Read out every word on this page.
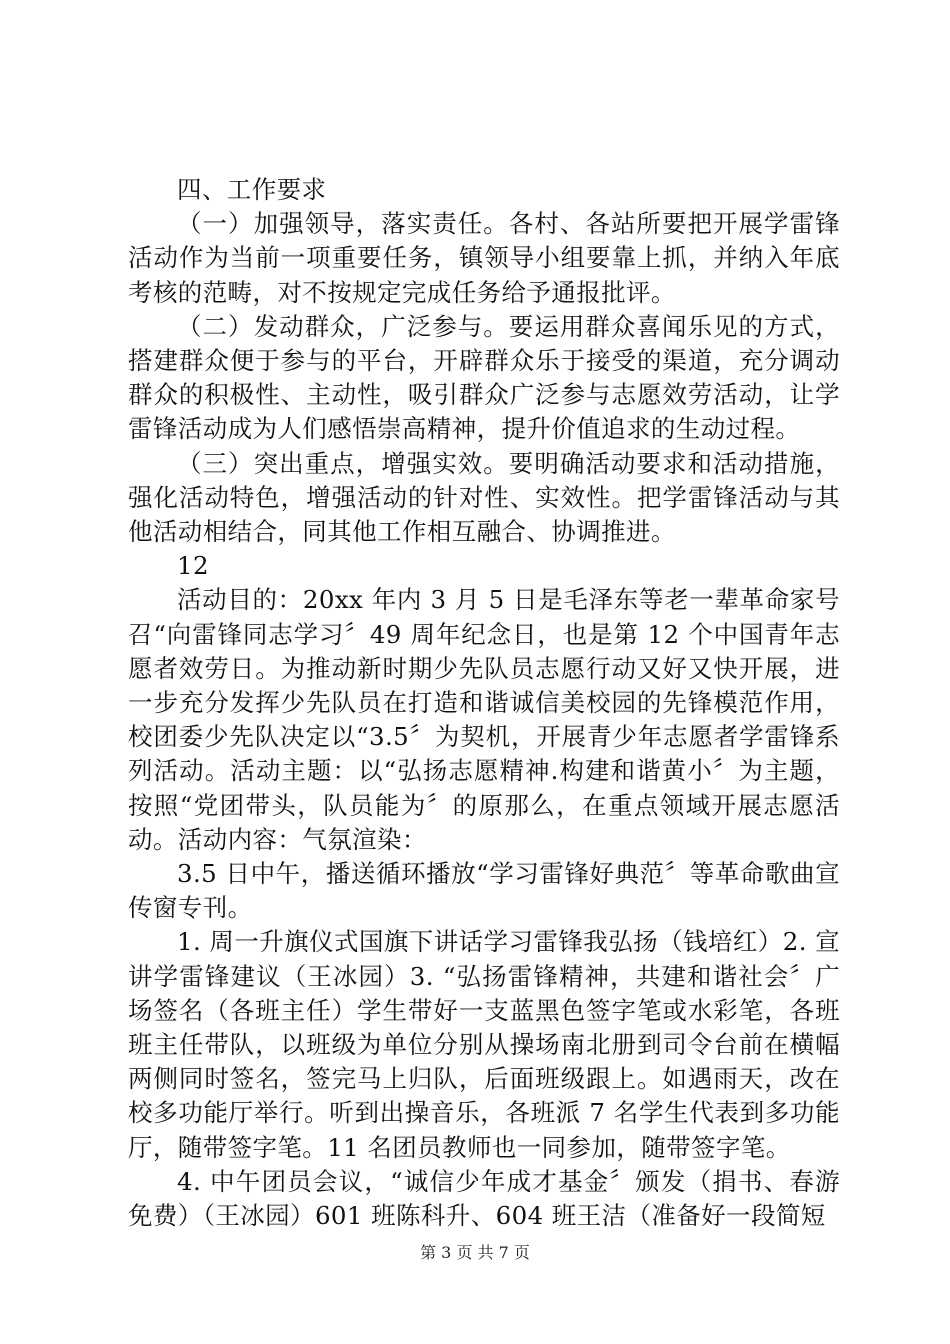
四、工作要求

（一）加强领导，落实责任。各村、各站所要把开展学雷锋活动作为当前一项重要任务，镇领导小组要靠上抓，并纳入年底考核的范畴，对不按规定完成任务给予通报批评。

（二）发动群众，广泛参与。要运用群众喜闻乐见的方式，搭建群众便于参与的平台，开辟群众乐于接受的渠道，充分调动群众的积极性、主动性，吸引群众广泛参与志愿效劳活动，让学雷锋活动成为人们感悟崇高精神，提升价值追求的生动过程。

（三）突出重点，增强实效。要明确活动要求和活动措施，强化活动特色，增强活动的针对性、实效性。把学雷锋活动与其他活动相结合，同其他工作相互融合、协调推进。

12

活动目的：20xx 年内 3 月 5 日是毛泽东等老一辈革命家号召“向雷锋同志学习〞49 周年纪念日，也是第 12 个中国青年志愿者效劳日。为推动新时期少先队员志愿行动又好又快开展，进一步充分发挥少先队员在打造和谐诚信美校园的先锋模范作用，校团委少先队决定以“3.5〞为契机，开展青少年志愿者学雷锋系列活动。活动主题：以“弘扬志愿精神.构建和谐黄小〞为主题，按照“党团带头，队员能为〞的原那么，在重点领域开展志愿活动。活动内容：气氛渲染：

3.5 日中午，播送循环播放“学习雷锋好典范〞等革命歌曲宣传窗专刊。

1. 周一升旗仪式国旗下讲话学习雷锋我弘扬（钱培红）2. 宣讲学雷锋建议（王冰园）3. “弘扬雷锋精神，共建和谐社会〞广场签名（各班主任）学生带好一支蓝黑色签字笔或水彩笔，各班班主任带队，以班级为单位分别从操场南北册到司令台前在横幅两侧同时签名，签完马上归队，后面班级跟上。如遇雨天，改在校多功能厅举行。听到出操音乐，各班派 7 名学生代表到多功能厅，随带签字笔。11 名团员教师也一同参加，随带签字笔。

4. 中午团员会议，“诚信少年成才基金〞颁发（捐书、春游免费）（王冰园）601 班陈科升、604 班王洁（准备好一段简短

第 3 页 共 7 页
